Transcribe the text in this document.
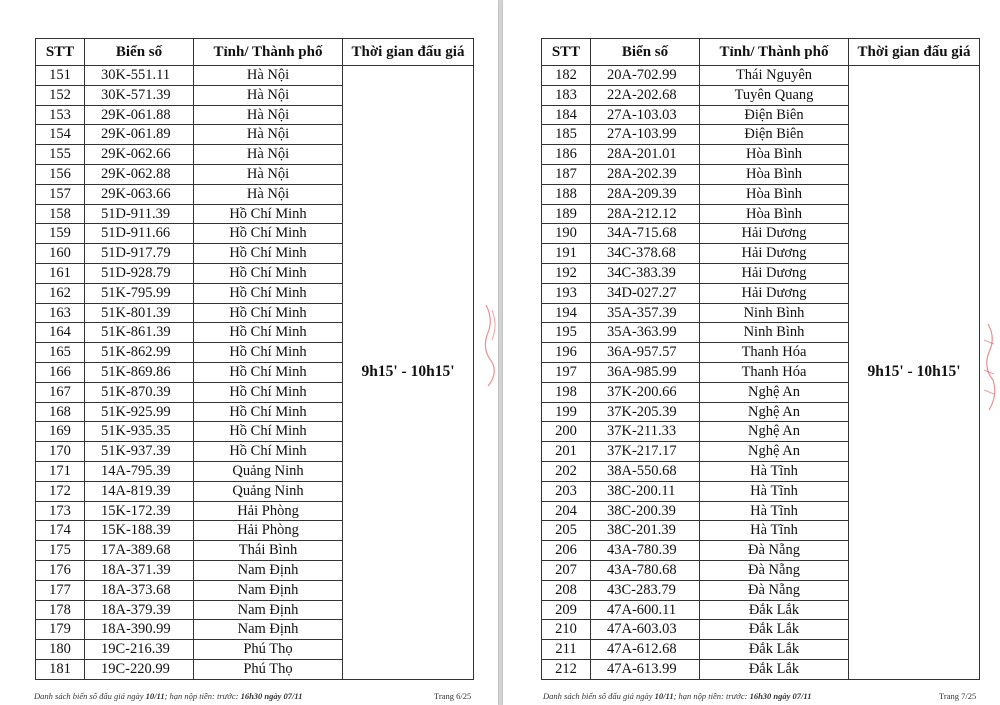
STT	Biển số	Tỉnh/ Thành phố	Thời gian đấu giá
151	30K-551.11	Hà Nội	9h15' - 10h15'
152	30K-571.39	Hà Nội	
153	29K-061.88	Hà Nội	
154	29K-061.89	Hà Nội	
155	29K-062.66	Hà Nội	
156	29K-062.88	Hà Nội	
157	29K-063.66	Hà Nội	
158	51D-911.39	Hồ Chí Minh	
159	51D-911.66	Hồ Chí Minh	
160	51D-917.79	Hồ Chí Minh	
161	51D-928.79	Hồ Chí Minh	
162	51K-795.99	Hồ Chí Minh	
163	51K-801.39	Hồ Chí Minh	
164	51K-861.39	Hồ Chí Minh	
165	51K-862.99	Hồ Chí Minh	
166	51K-869.86	Hồ Chí Minh	
167	51K-870.39	Hồ Chí Minh	
168	51K-925.99	Hồ Chí Minh	
169	51K-935.35	Hồ Chí Minh	
170	51K-937.39	Hồ Chí Minh	
171	14A-795.39	Quảng Ninh	
172	14A-819.39	Quảng Ninh	
173	15K-172.39	Hải Phòng	
174	15K-188.39	Hải Phòng	
175	17A-389.68	Thái Bình	
176	18A-371.39	Nam Định	
177	18A-373.68	Nam Định	
178	18A-379.39	Nam Định	
179	18A-390.99	Nam Định	
180	19C-216.39	Phú Thọ	
181	19C-220.99	Phú Thọ	
Danh sách biển số đấu giá ngày 10/11; hạn nộp tiền: trước: 16h30 ngày 07/11	Trang 6/25
STT	Biển số	Tỉnh/ Thành phố	Thời gian đấu giá
182	20A-702.99	Thái Nguyên	9h15' - 10h15'
183	22A-202.68	Tuyên Quang	
184	27A-103.03	Điện Biên	
185	27A-103.99	Điện Biên	
186	28A-201.01	Hòa Bình	
187	28A-202.39	Hòa Bình	
188	28A-209.39	Hòa Bình	
189	28A-212.12	Hòa Bình	
190	34A-715.68	Hải Dương	
191	34C-378.68	Hải Dương	
192	34C-383.39	Hải Dương	
193	34D-027.27	Hải Dương	
194	35A-357.39	Ninh Bình	
195	35A-363.99	Ninh Bình	
196	36A-957.57	Thanh Hóa	
197	36A-985.99	Thanh Hóa	
198	37K-200.66	Nghệ An	
199	37K-205.39	Nghệ An	
200	37K-211.33	Nghệ An	
201	37K-217.17	Nghệ An	
202	38A-550.68	Hà Tĩnh	
203	38C-200.11	Hà Tĩnh	
204	38C-200.39	Hà Tĩnh	
205	38C-201.39	Hà Tĩnh	
206	43A-780.39	Đà Nẵng	
207	43A-780.68	Đà Nẵng	
208	43C-283.79	Đà Nẵng	
209	47A-600.11	Đắk Lắk	
210	47A-603.03	Đắk Lắk	
211	47A-612.68	Đắk Lắk	
212	47A-613.99	Đắk Lắk	
Danh sách biển số đấu giá ngày 10/11; hạn nộp tiền: trước: 16h30 ngày 07/11	Trang 7/25
